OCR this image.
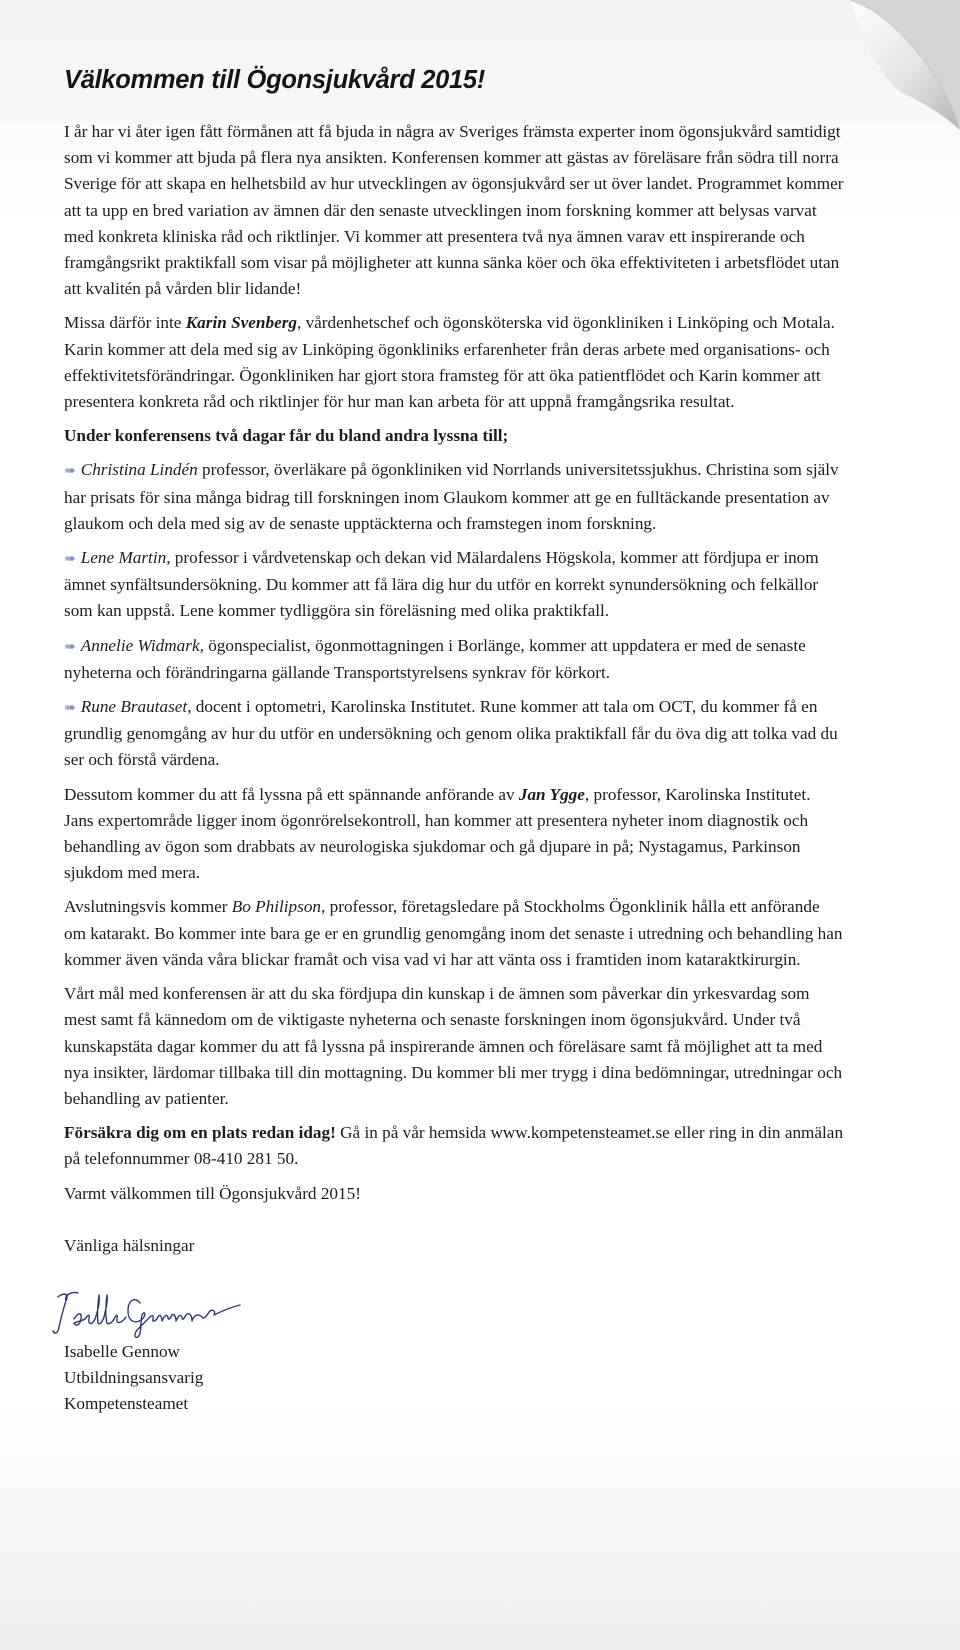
Välkommen till Ögonsjukvård 2015!

I år har vi åter igen fått förmånen att få bjuda in några av Sveriges främsta experter inom ögonsjukvård samtidigt som vi kommer att bjuda på flera nya ansikten. Konferensen kommer att gästas av föreläsare från södra till norra Sverige för att skapa en helhetsbild av hur utvecklingen av ögonsjukvård ser ut över landet. Programmet kommer att ta upp en bred variation av ämnen där den senaste utvecklingen inom forskning kommer att belysas varvat med konkreta kliniska råd och riktlinjer. Vi kommer att presentera två nya ämnen varav ett inspirerande och framgångsrikt praktikfall som visar på möjligheter att kunna sänka köer och öka effektiviteten i arbetsflödet utan att kvalitén på vården blir lidande!

Missa därför inte Karin Svenberg, vårdenhetschef och ögonsköterska vid ögonkliniken i Linköping och Motala. Karin kommer att dela med sig av Linköping ögonkliniks erfarenheter från deras arbete med organisations- och effektivitetsförändringar. Ögonkliniken har gjort stora framsteg för att öka patientflödet och Karin kommer att presentera konkreta råd och riktlinjer för hur man kan arbeta för att uppnå framgångsrika resultat.

Under konferensens två dagar får du bland andra lyssna till;

➠ Christina Lindén professor, överläkare på ögonkliniken vid Norrlands universitetssjukhus. Christina som själv har prisats för sina många bidrag till forskningen inom Glaukom kommer att ge en fulltäckande presentation av glaukom och dela med sig av de senaste upptäckterna och framstegen inom forskning.

➠ Lene Martin, professor i vårdvetenskap och dekan vid Mälardalens Högskola, kommer att fördjupa er inom ämnet synfältsundersökning. Du kommer att få lära dig hur du utför en korrekt synundersökning och felkällor som kan uppstå. Lene kommer tydliggöra sin föreläsning med olika praktikfall.

➠ Annelie Widmark, ögonspecialist, ögonmottagningen i Borlänge, kommer att uppdatera er med de senaste nyheterna och förändringarna gällande Transportstyrelsens synkrav för körkort.

➠ Rune Brautaset, docent i optometri, Karolinska Institutet. Rune kommer att tala om OCT, du kommer få en grundlig genomgång av hur du utför en undersökning och genom olika praktikfall får du öva dig att tolka vad du ser och förstå värdena.

Dessutom kommer du att få lyssna på ett spännande anförande av Jan Ygge, professor, Karolinska Institutet. Jans expertområde ligger inom ögonrörelsekontroll, han kommer att presentera nyheter inom diagnostik och behandling av ögon som drabbats av neurologiska sjukdomar och gå djupare in på; Nystagamus, Parkinson sjukdom med mera.

Avslutningsvis kommer Bo Philipson, professor, företagsledare på Stockholms Ögonklinik hålla ett anförande om katarakt. Bo kommer inte bara ge er en grundlig genomgång inom det senaste i utredning och behandling han kommer även vända våra blickar framåt och visa vad vi har att vänta oss i framtiden inom kataraktkirurgin.

Vårt mål med konferensen är att du ska fördjupa din kunskap i de ämnen som påverkar din yrkesvardag som mest samt få kännedom om de viktigaste nyheterna och senaste forskningen inom ögonsjukvård. Under två kunskapstäta dagar kommer du att få lyssna på inspirerande ämnen och föreläsare samt få möjlighet att ta med nya insikter, lärdomar tillbaka till din mottagning. Du kommer bli mer trygg i dina bedömningar, utredningar och behandling av patienter.

Försäkra dig om en plats redan idag! Gå in på vår hemsida www.kompetensteamet.se eller ring in din anmälan på telefonnummer 08-410 281 50.

Varmt välkommen till Ögonsjukvård 2015!

Vänliga hälsningar

Isabelle Gennow

Utbildningsansvarig

Kompetensteamet
